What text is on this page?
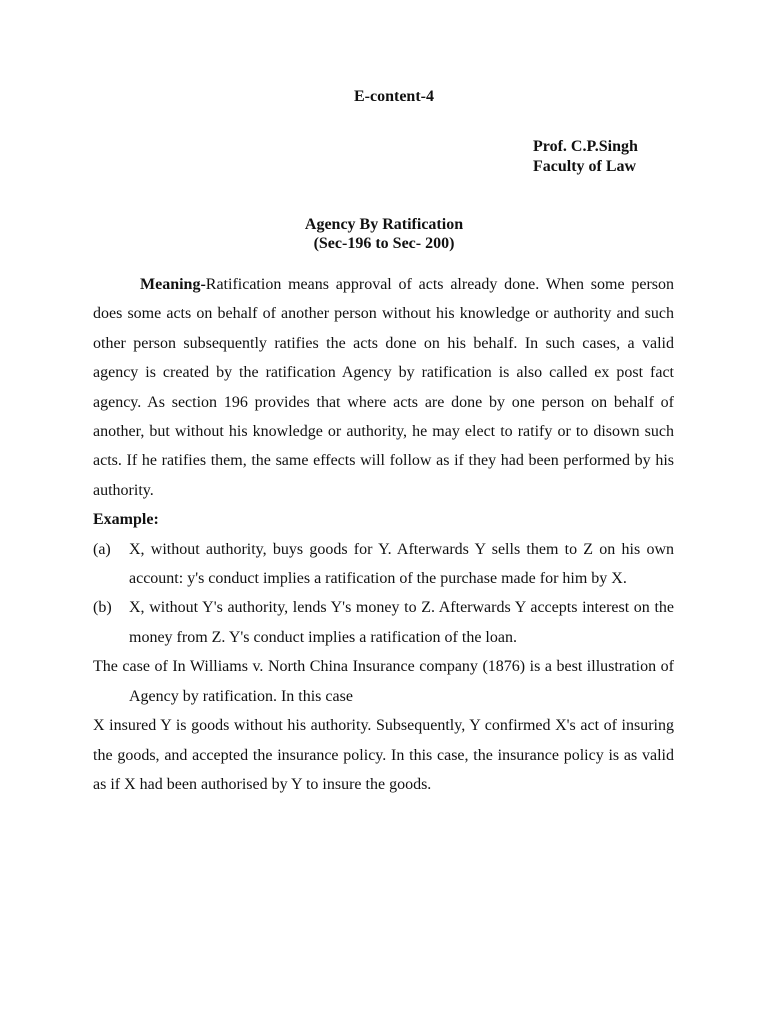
E-content-4
Prof. C.P.Singh
Faculty of Law
Agency By Ratification
(Sec-196 to Sec- 200)

Meaning-Ratification means approval of acts already done. When some person does some acts on behalf of another person without his knowledge or authority and such other person subsequently ratifies the acts done on his behalf. In such cases, a valid agency is created by the ratification Agency by ratification is also called ex post fact agency. As section 196 provides that where acts are done by one person on behalf of another, but without his knowledge or authority, he may elect to ratify or to disown such acts. If he ratifies them, the same effects will follow as if they had been performed by his authority.

Example:

(a)	X, without authority, buys goods for Y. Afterwards Y sells them to Z on his own account: y's conduct implies a ratification of the purchase made for him by X.
(b)	X, without Y's authority, lends Y's money to Z. Afterwards Y accepts interest on the money from Z. Y's conduct implies a ratification of the loan.

The case of In Williams v. North China Insurance company (1876) is a best illustration of Agency by ratification. In this case

X insured Y is goods without his authority. Subsequently, Y confirmed X's act of insuring the goods, and accepted the insurance policy. In this case, the insurance policy is as valid as if X had been authorised by Y to insure the goods.
